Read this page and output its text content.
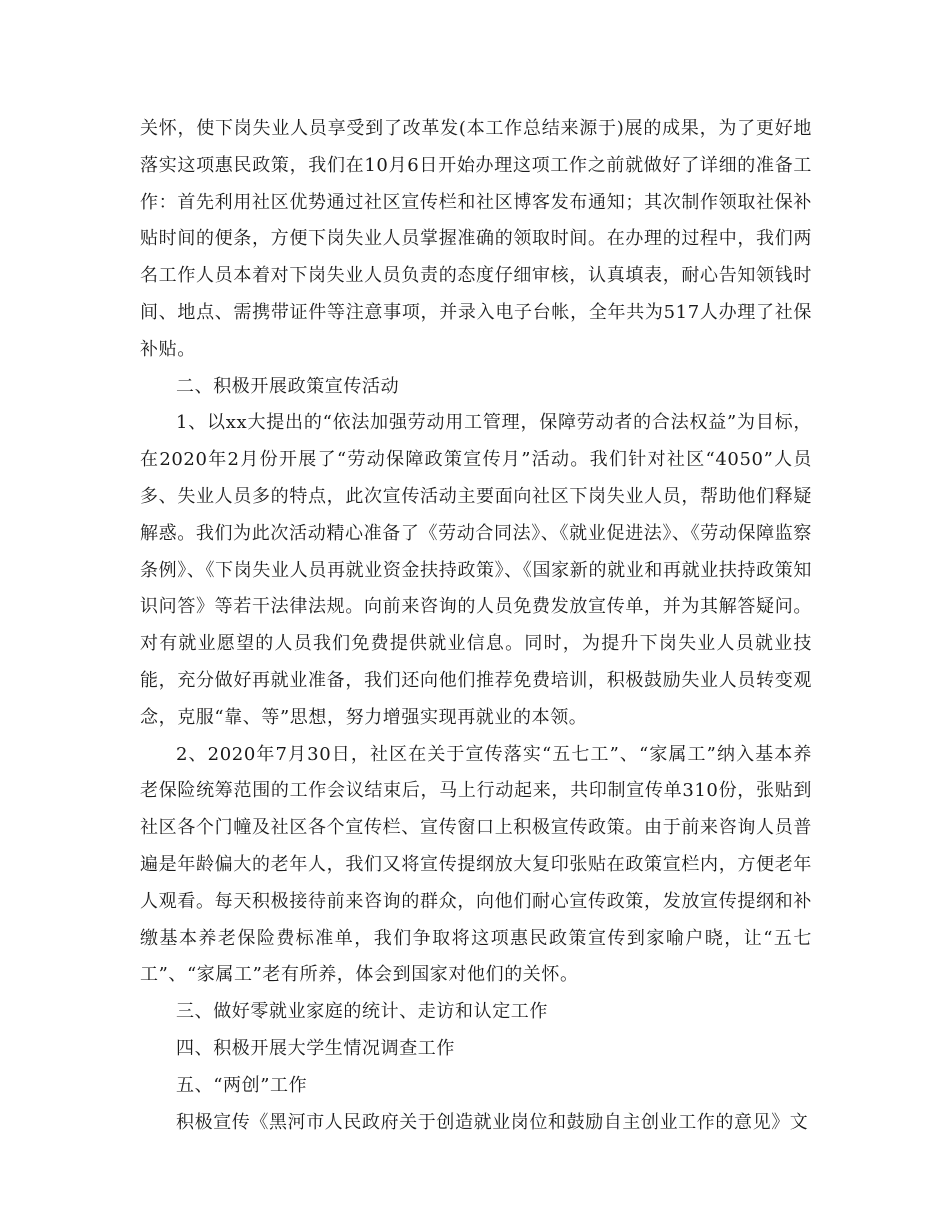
关怀，使下岗失业人员享受到了改革发(本工作总结来源于)展的成果，为了更好地落实这项惠民政策，我们在10月6日开始办理这项工作之前就做好了详细的准备工作：首先利用社区优势通过社区宣传栏和社区博客发布通知；其次制作领取社保补贴时间的便条，方便下岗失业人员掌握准确的领取时间。在办理的过程中，我们两名工作人员本着对下岗失业人员负责的态度仔细审核，认真填表，耐心告知领钱时间、地点、需携带证件等注意事项，并录入电子台帐，全年共为517人办理了社保补贴。

二、积极开展政策宣传活动

1、以xx大提出的“依法加强劳动用工管理，保障劳动者的合法权益”为目标，在2020年2月份开展了“劳动保障政策宣传月”活动。我们针对社区“4050”人员多、失业人员多的特点，此次宣传活动主要面向社区下岗失业人员，帮助他们释疑解惑。我们为此次活动精心准备了《劳动合同法》、《就业促进法》、《劳动保障监察条例》、《下岗失业人员再就业资金扶持政策》、《国家新的就业和再就业扶持政策知识问答》等若干法律法规。向前来咨询的人员免费发放宣传单，并为其解答疑问。对有就业愿望的人员我们免费提供就业信息。同时，为提升下岗失业人员就业技能，充分做好再就业准备，我们还向他们推荐免费培训，积极鼓励失业人员转变观念，克服“靠、等”思想，努力增强实现再就业的本领。

2、2020年7月30日，社区在关于宣传落实“五七工”、“家属工”纳入基本养老保险统筹范围的工作会议结束后，马上行动起来，共印制宣传单310份，张贴到社区各个门幢及社区各个宣传栏、宣传窗口上积极宣传政策。由于前来咨询人员普遍是年龄偏大的老年人，我们又将宣传提纲放大复印张贴在政策宣栏内，方便老年人观看。每天积极接待前来咨询的群众，向他们耐心宣传政策，发放宣传提纲和补缴基本养老保险费标准单，我们争取将这项惠民政策宣传到家喻户晓，让“五七工”、“家属工”老有所养，体会到国家对他们的关怀。

三、做好零就业家庭的统计、走访和认定工作

四、积极开展大学生情况调查工作

五、“两创”工作

积极宣传《黑河市人民政府关于创造就业岗位和鼓励自主创业工作的意见》文
